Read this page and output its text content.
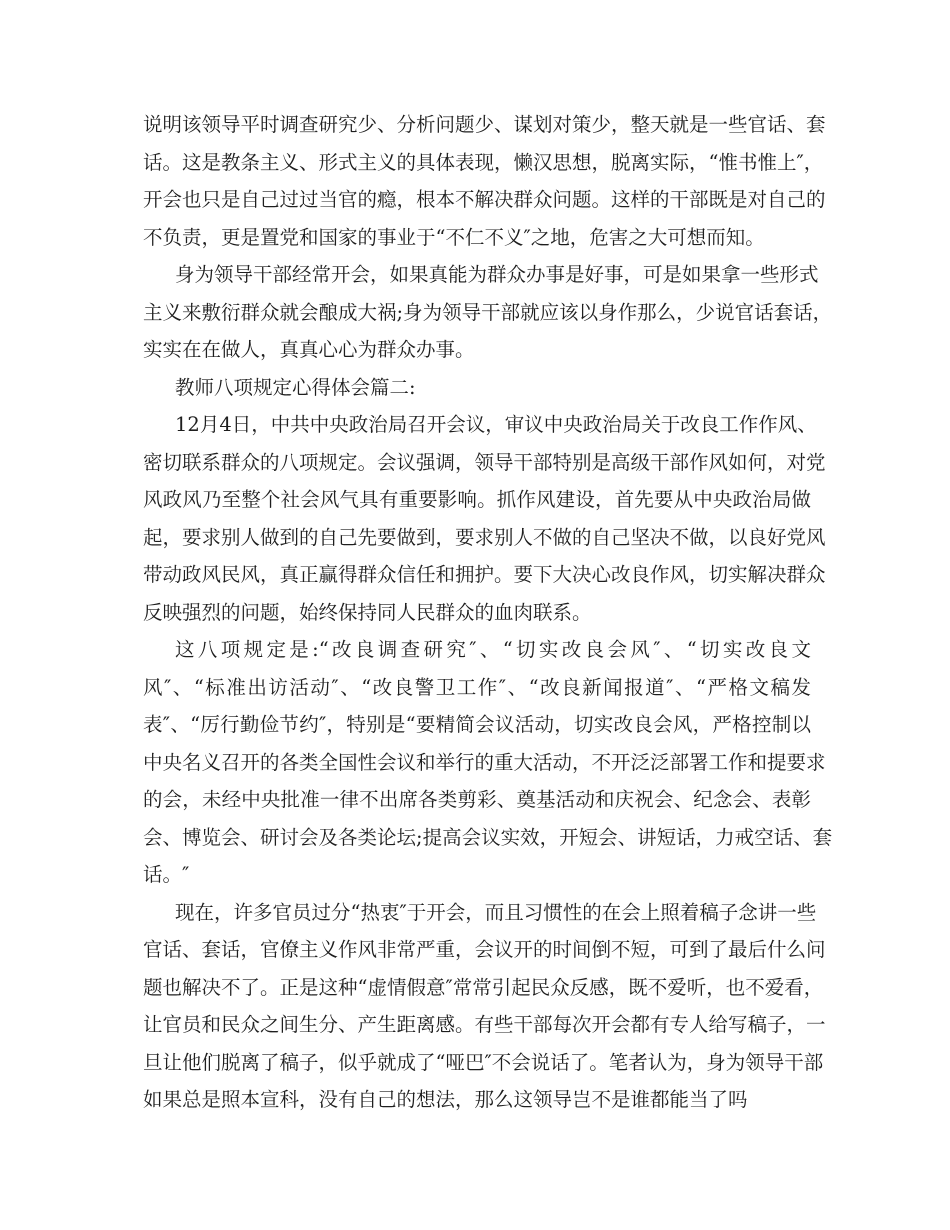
说明该领导平时调查研究少、分析问题少、谋划对策少，整天就是一些官话、套
话。这是教条主义、形式主义的具体表现，懒汉思想，脱离实际，“惟书惟上″，
开会也只是自己过过当官的瘾，根本不解决群众问题。这样的干部既是对自己的
不负责，更是置党和国家的事业于“不仁不义″之地，危害之大可想而知。
身为领导干部经常开会，如果真能为群众办事是好事，可是如果拿一些形式
主义来敷衍群众就会酿成大祸;身为领导干部就应该以身作那么，少说官话套话，
实实在在做人，真真心心为群众办事。
教师八项规定心得体会篇二:
12月4日，中共中央政治局召开会议，审议中央政治局关于改良工作作风、
密切联系群众的八项规定。会议强调，领导干部特别是高级干部作风如何，对党
风政风乃至整个社会风气具有重要影响。抓作风建设，首先要从中央政治局做
起，要求别人做到的自己先要做到，要求别人不做的自己坚决不做，以良好党风
带动政风民风，真正赢得群众信任和拥护。要下大决心改良作风，切实解决群众
反映强烈的问题，始终保持同人民群众的血肉联系。
这八项规定是:“改良调查研究″、“切实改良会风″、“切实改良文
风″、“标准出访活动″、“改良警卫工作″、“改良新闻报道″、“严格文稿发
表″、“厉行勤俭节约″，特别是“要精简会议活动，切实改良会风，严格控制以
中央名义召开的各类全国性会议和举行的重大活动，不开泛泛部署工作和提要求
的会，未经中央批准一律不出席各类剪彩、奠基活动和庆祝会、纪念会、表彰
会、博览会、研讨会及各类论坛;提高会议实效，开短会、讲短话，力戒空话、套
话。″
现在，许多官员过分“热衷″于开会，而且习惯性的在会上照着稿子念讲一些
官话、套话，官僚主义作风非常严重，会议开的时间倒不短，可到了最后什么问
题也解决不了。正是这种“虚情假意″常常引起民众反感，既不爱听，也不爱看，
让官员和民众之间生分、产生距离感。有些干部每次开会都有专人给写稿子，一
旦让他们脱离了稿子，似乎就成了“哑巴″不会说话了。笔者认为，身为领导干部
如果总是照本宣科，没有自己的想法，那么这领导岂不是谁都能当了吗
